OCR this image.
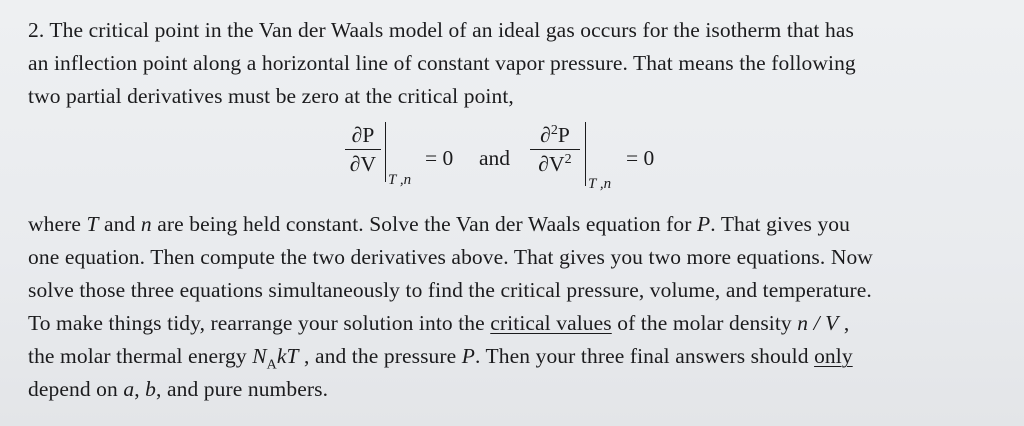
2. The critical point in the Van der Waals model of an ideal gas occurs for the isotherm that has
an inflection point along a horizontal line of constant vapor pressure. That means the following
two partial derivatives must be zero at the critical point,

∂P
∂V
T ,n
= 0 and
∂$^2$P
$\partial V^2$
T ,n
= 0

where T and n are being held constant. Solve the Van der Waals equation for P. That gives you
one equation. Then compute the two derivatives above. That gives you two more equations. Now
solve those three equations simultaneously to find the critical pressure, volume, and temperature.
To make things tidy, rearrange your solution into the critical values of the molar density n / V ,
the molar thermal energy $N_AkT$ , and the pressure P. Then your three final answers should only
depend on a, b, and pure numbers.
